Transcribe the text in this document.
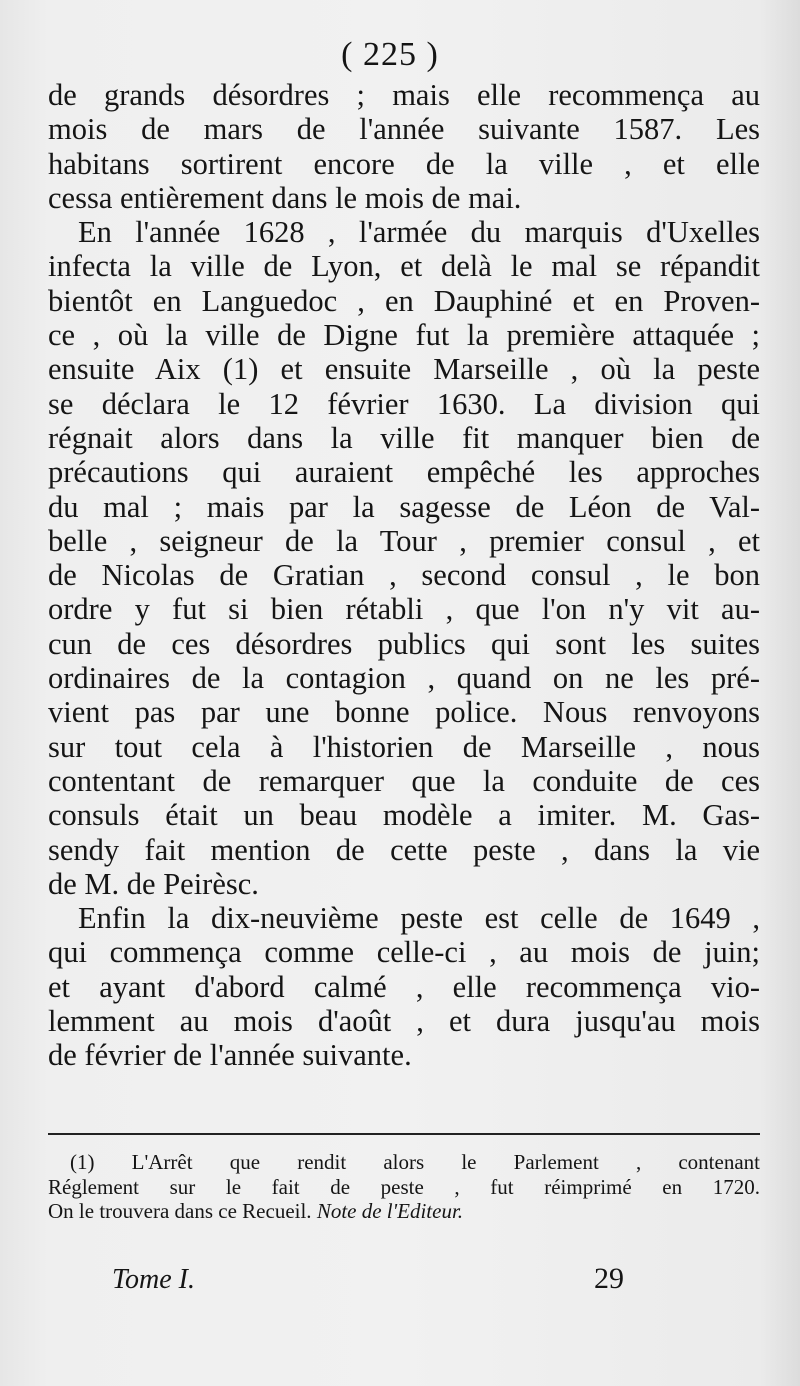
( 225 )
de grands désordres ; mais elle recommença au
mois de mars de l'année suivante 1587. Les
habitans sortirent encore de la ville , et elle
cessa entièrement dans le mois de mai.
En l'année 1628 , l'armée du marquis d'Uxelles
infecta la ville de Lyon, et delà le mal se répandit
bientôt en Languedoc , en Dauphiné et en Proven-
ce , où la ville de Digne fut la première attaquée ;
ensuite Aix (1) et ensuite Marseille , où la peste
se déclara le 12 février 1630. La division qui
régnait alors dans la ville fit manquer bien de
précautions qui auraient empêché les approches
du mal ; mais par la sagesse de Léon de Val-
belle , seigneur de la Tour , premier consul , et
de Nicolas de Gratian , second consul , le bon
ordre y fut si bien rétabli , que l'on n'y vit au-
cun de ces désordres publics qui sont les suites
ordinaires de la contagion , quand on ne les pré-
vient pas par une bonne police. Nous renvoyons
sur tout cela à l'historien de Marseille , nous
contentant de remarquer que la conduite de ces
consuls était un beau modèle a imiter. M. Gas-
sendy fait mention de cette peste , dans la vie
de M. de Peirèsc.
Enfin la dix-neuvième peste est celle de 1649 ,
qui commença comme celle-ci , au mois de juin;
et ayant d'abord calmé , elle recommença vio-
lemment au mois d'août , et dura jusqu'au mois
de février de l'année suivante.
(1) L'Arrêt que rendit alors le Parlement , contenant
Réglement sur le fait de peste , fut réimprimé en 1720.
On le trouvera dans ce Recueil. Note de l'Editeur.
Tome I.	29
